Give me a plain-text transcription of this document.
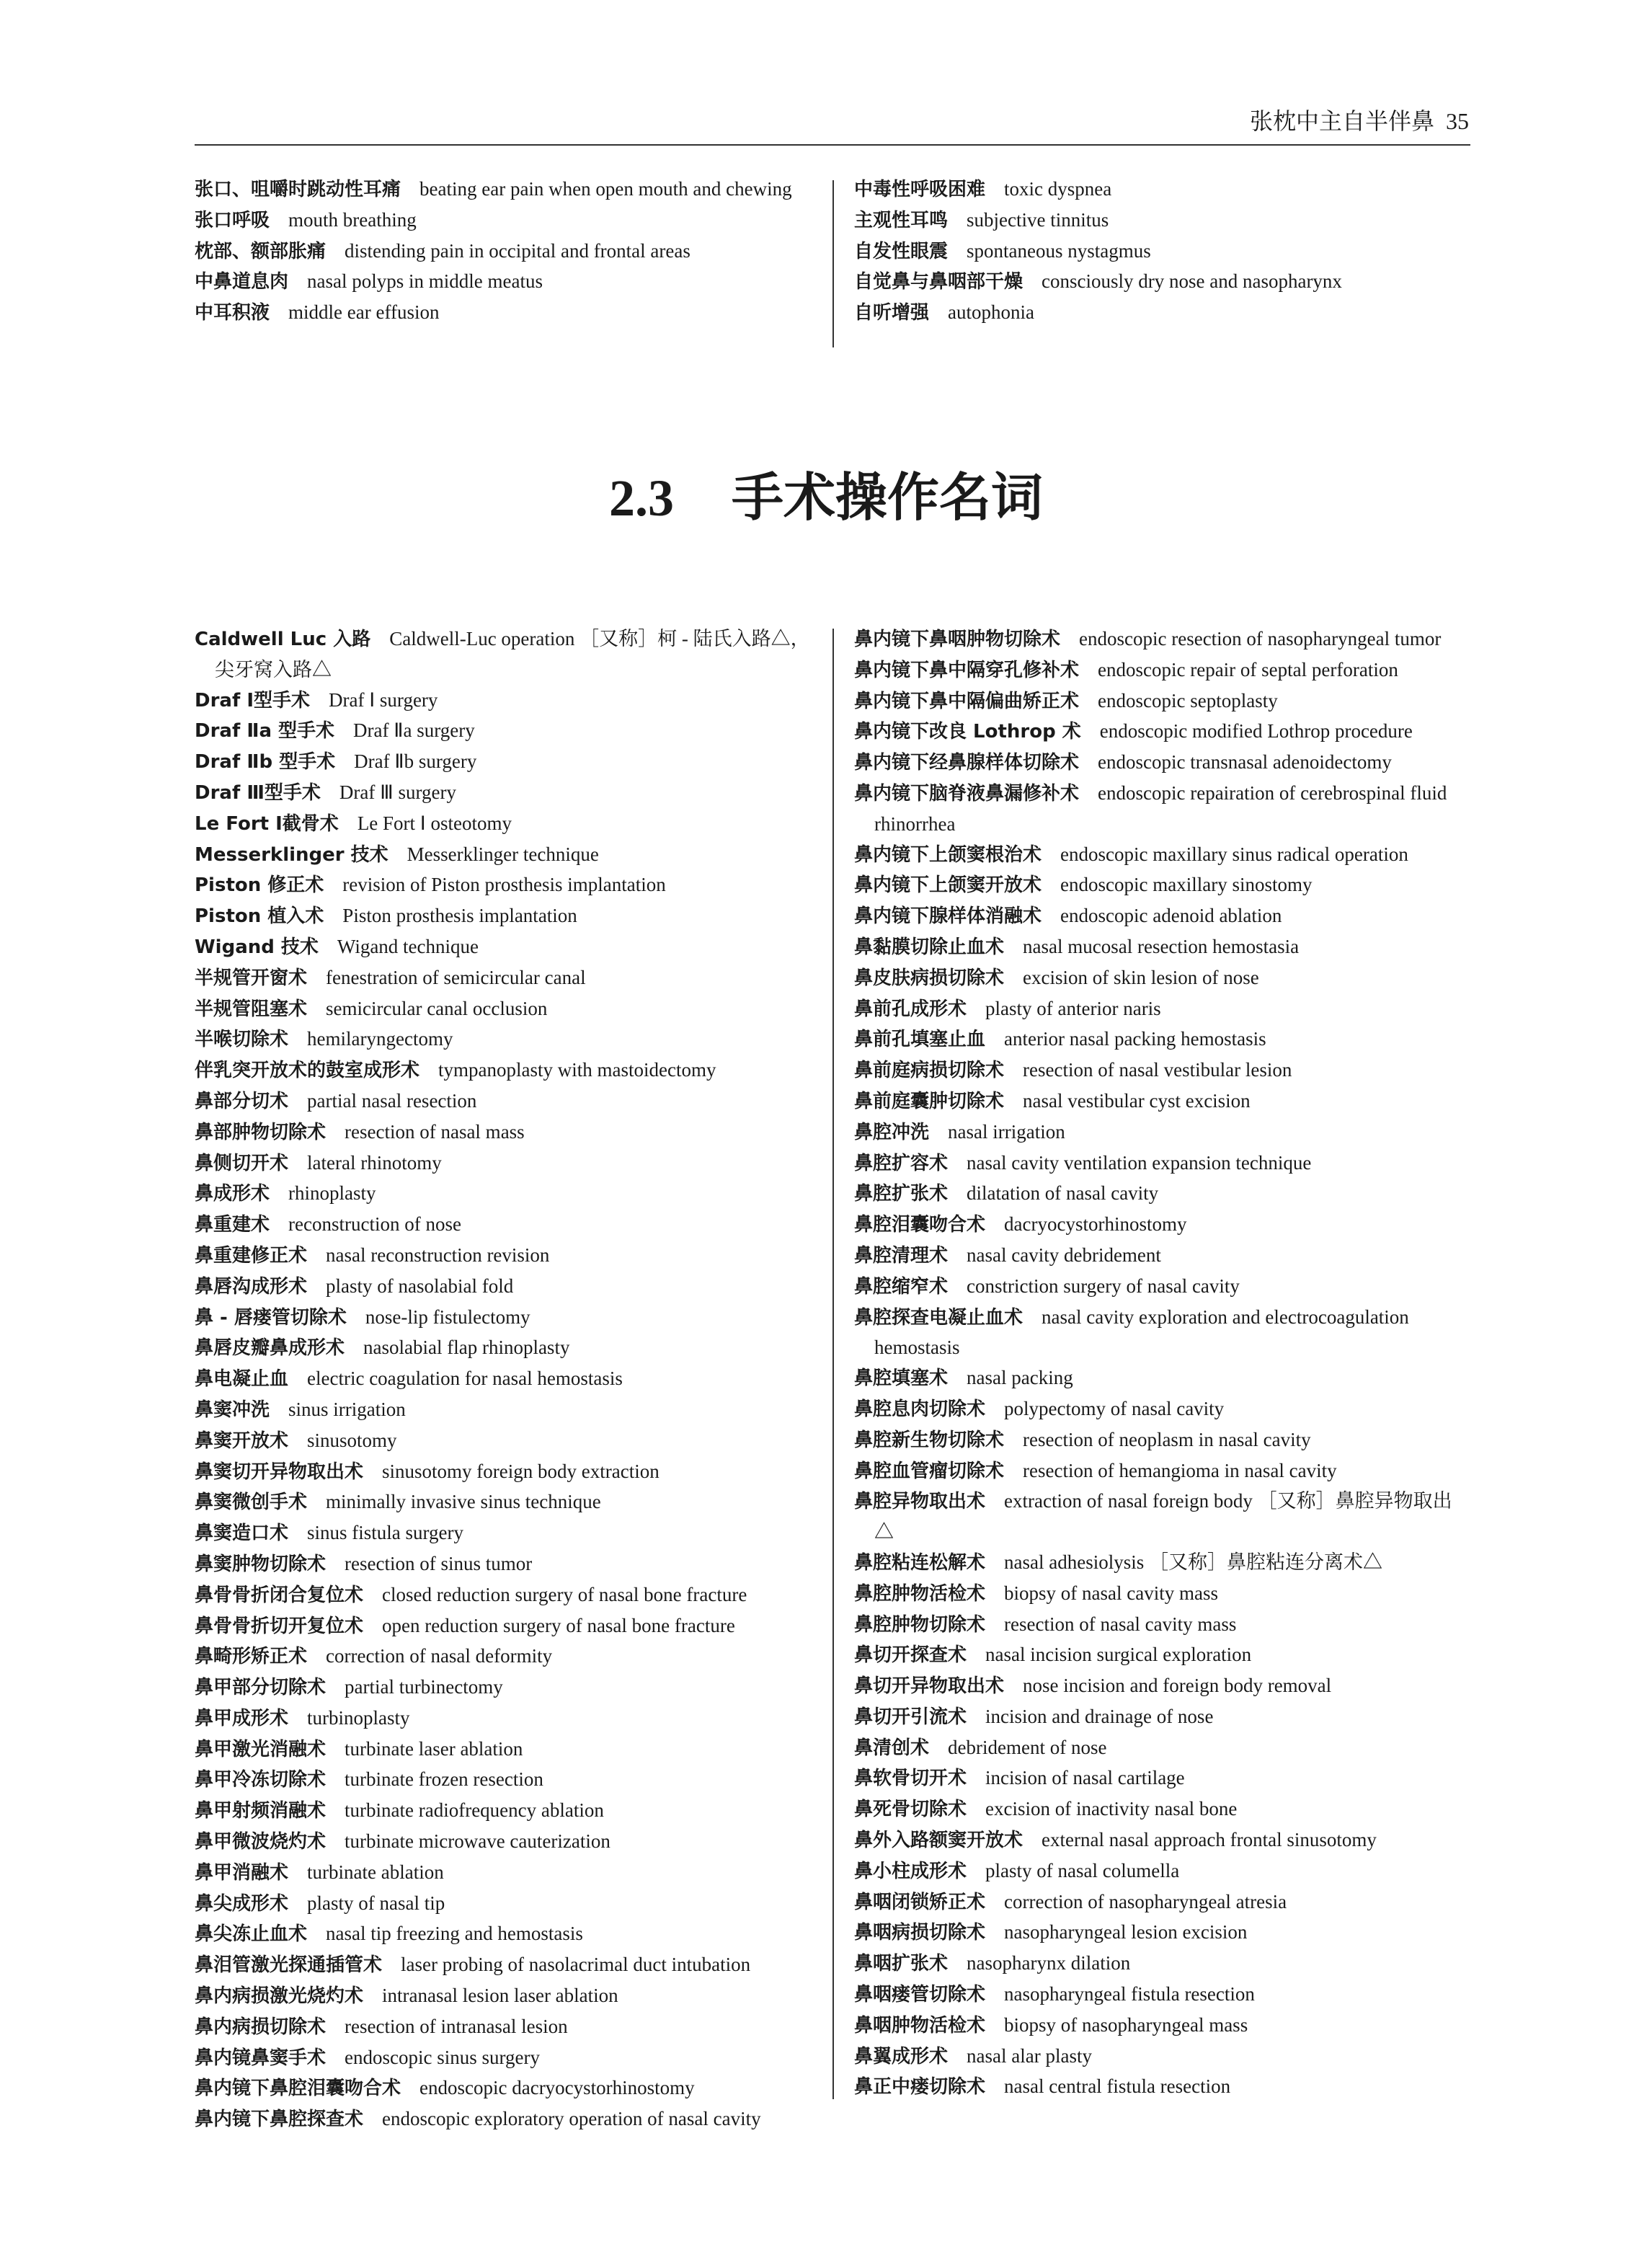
张枕中主自半伴鼻 35
张口、咀嚼时跳动性耳痛 beating ear pain when open mouth and chewing
张口呼吸 mouth breathing
枕部、额部胀痛 distending pain in occipital and frontal areas
中鼻道息肉 nasal polyps in middle meatus
中耳积液 middle ear effusion
中毒性呼吸困难 toxic dyspnea
主观性耳鸣 subjective tinnitus
自发性眼震 spontaneous nystagmus
自觉鼻与鼻咽部干燥 consciously dry nose and nasopharynx
自听增强 autophonia
2.3 手术操作名词
Caldwell Luc 入路 Caldwell-Luc operation ［又称］柯 - 陆氏入路△，尖牙窝入路△
Draf Ⅰ型手术 Draf Ⅰ surgery
Draf Ⅱa 型手术 Draf Ⅱa surgery
Draf Ⅱb 型手术 Draf Ⅱb surgery
Draf Ⅲ型手术 Draf Ⅲ surgery
Le Fort Ⅰ截骨术 Le Fort Ⅰ osteotomy
Messerklinger 技术 Messerklinger technique
Piston 修正术 revision of Piston prosthesis implantation
Piston 植入术 Piston prosthesis implantation
Wigand 技术 Wigand technique
半规管开窗术 fenestration of semicircular canal
半规管阻塞术 semicircular canal occlusion
半喉切除术 hemilaryngectomy
伴乳突开放术的鼓室成形术 tympanoplasty with mastoidectomy
鼻部分切术 partial nasal resection
鼻部肿物切除术 resection of nasal mass
鼻侧切开术 lateral rhinotomy
鼻成形术 rhinoplasty
鼻重建术 reconstruction of nose
鼻重建修正术 nasal reconstruction revision
鼻唇沟成形术 plasty of nasolabial fold
鼻 - 唇瘘管切除术 nose-lip fistulectomy
鼻唇皮瓣鼻成形术 nasolabial flap rhinoplasty
鼻电凝止血 electric coagulation for nasal hemostasis
鼻窦冲洗 sinus irrigation
鼻窦开放术 sinusotomy
鼻窦切开异物取出术 sinusotomy foreign body extraction
鼻窦微创手术 minimally invasive sinus technique
鼻窦造口术 sinus fistula surgery
鼻窦肿物切除术 resection of sinus tumor
鼻骨骨折闭合复位术 closed reduction surgery of nasal bone fracture
鼻骨骨折切开复位术 open reduction surgery of nasal bone fracture
鼻畸形矫正术 correction of nasal deformity
鼻甲部分切除术 partial turbinectomy
鼻甲成形术 turbinoplasty
鼻甲激光消融术 turbinate laser ablation
鼻甲冷冻切除术 turbinate frozen resection
鼻甲射频消融术 turbinate radiofrequency ablation
鼻甲微波烧灼术 turbinate microwave cauterization
鼻甲消融术 turbinate ablation
鼻尖成形术 plasty of nasal tip
鼻尖冻止血术 nasal tip freezing and hemostasis
鼻泪管激光探通插管术 laser probing of nasolacrimal duct intubation
鼻内病损激光烧灼术 intranasal lesion laser ablation
鼻内病损切除术 resection of intranasal lesion
鼻内镜鼻窦手术 endoscopic sinus surgery
鼻内镜下鼻腔泪囊吻合术 endoscopic dacryocystorhinostomy
鼻内镜下鼻腔探查术 endoscopic exploratory operation of nasal cavity
鼻内镜下鼻咽肿物切除术 endoscopic resection of nasopharyngeal tumor
鼻内镜下鼻中隔穿孔修补术 endoscopic repair of septal perforation
鼻内镜下鼻中隔偏曲矫正术 endoscopic septoplasty
鼻内镜下改良 Lothrop 术 endoscopic modified Lothrop procedure
鼻内镜下经鼻腺样体切除术 endoscopic transnasal adenoidectomy
鼻内镜下脑脊液鼻漏修补术 endoscopic repairation of cerebrospinal fluid rhinorrhea
鼻内镜下上颌窦根治术 endoscopic maxillary sinus radical operation
鼻内镜下上颌窦开放术 endoscopic maxillary sinostomy
鼻内镜下腺样体消融术 endoscopic adenoid ablation
鼻黏膜切除止血术 nasal mucosal resection hemostasia
鼻皮肤病损切除术 excision of skin lesion of nose
鼻前孔成形术 plasty of anterior naris
鼻前孔填塞止血 anterior nasal packing hemostasis
鼻前庭病损切除术 resection of nasal vestibular lesion
鼻前庭囊肿切除术 nasal vestibular cyst excision
鼻腔冲洗 nasal irrigation
鼻腔扩容术 nasal cavity ventilation expansion technique
鼻腔扩张术 dilatation of nasal cavity
鼻腔泪囊吻合术 dacryocystorhinostomy
鼻腔清理术 nasal cavity debridement
鼻腔缩窄术 constriction surgery of nasal cavity
鼻腔探查电凝止血术 nasal cavity exploration and electrocoagulation hemostasis
鼻腔填塞术 nasal packing
鼻腔息肉切除术 polypectomy of nasal cavity
鼻腔新生物切除术 resection of neoplasm in nasal cavity
鼻腔血管瘤切除术 resection of hemangioma in nasal cavity
鼻腔异物取出术 extraction of nasal foreign body ［又称］鼻腔异物取出△
鼻腔粘连松解术 nasal adhesiolysis ［又称］鼻腔粘连分离术△
鼻腔肿物活检术 biopsy of nasal cavity mass
鼻腔肿物切除术 resection of nasal cavity mass
鼻切开探查术 nasal incision surgical exploration
鼻切开异物取出术 nose incision and foreign body removal
鼻切开引流术 incision and drainage of nose
鼻清创术 debridement of nose
鼻软骨切开术 incision of nasal cartilage
鼻死骨切除术 excision of inactivity nasal bone
鼻外入路额窦开放术 external nasal approach frontal sinusotomy
鼻小柱成形术 plasty of nasal columella
鼻咽闭锁矫正术 correction of nasopharyngeal atresia
鼻咽病损切除术 nasopharyngeal lesion excision
鼻咽扩张术 nasopharynx dilation
鼻咽瘘管切除术 nasopharyngeal fistula resection
鼻咽肿物活检术 biopsy of nasopharyngeal mass
鼻翼成形术 nasal alar plasty
鼻正中瘘切除术 nasal central fistula resection
